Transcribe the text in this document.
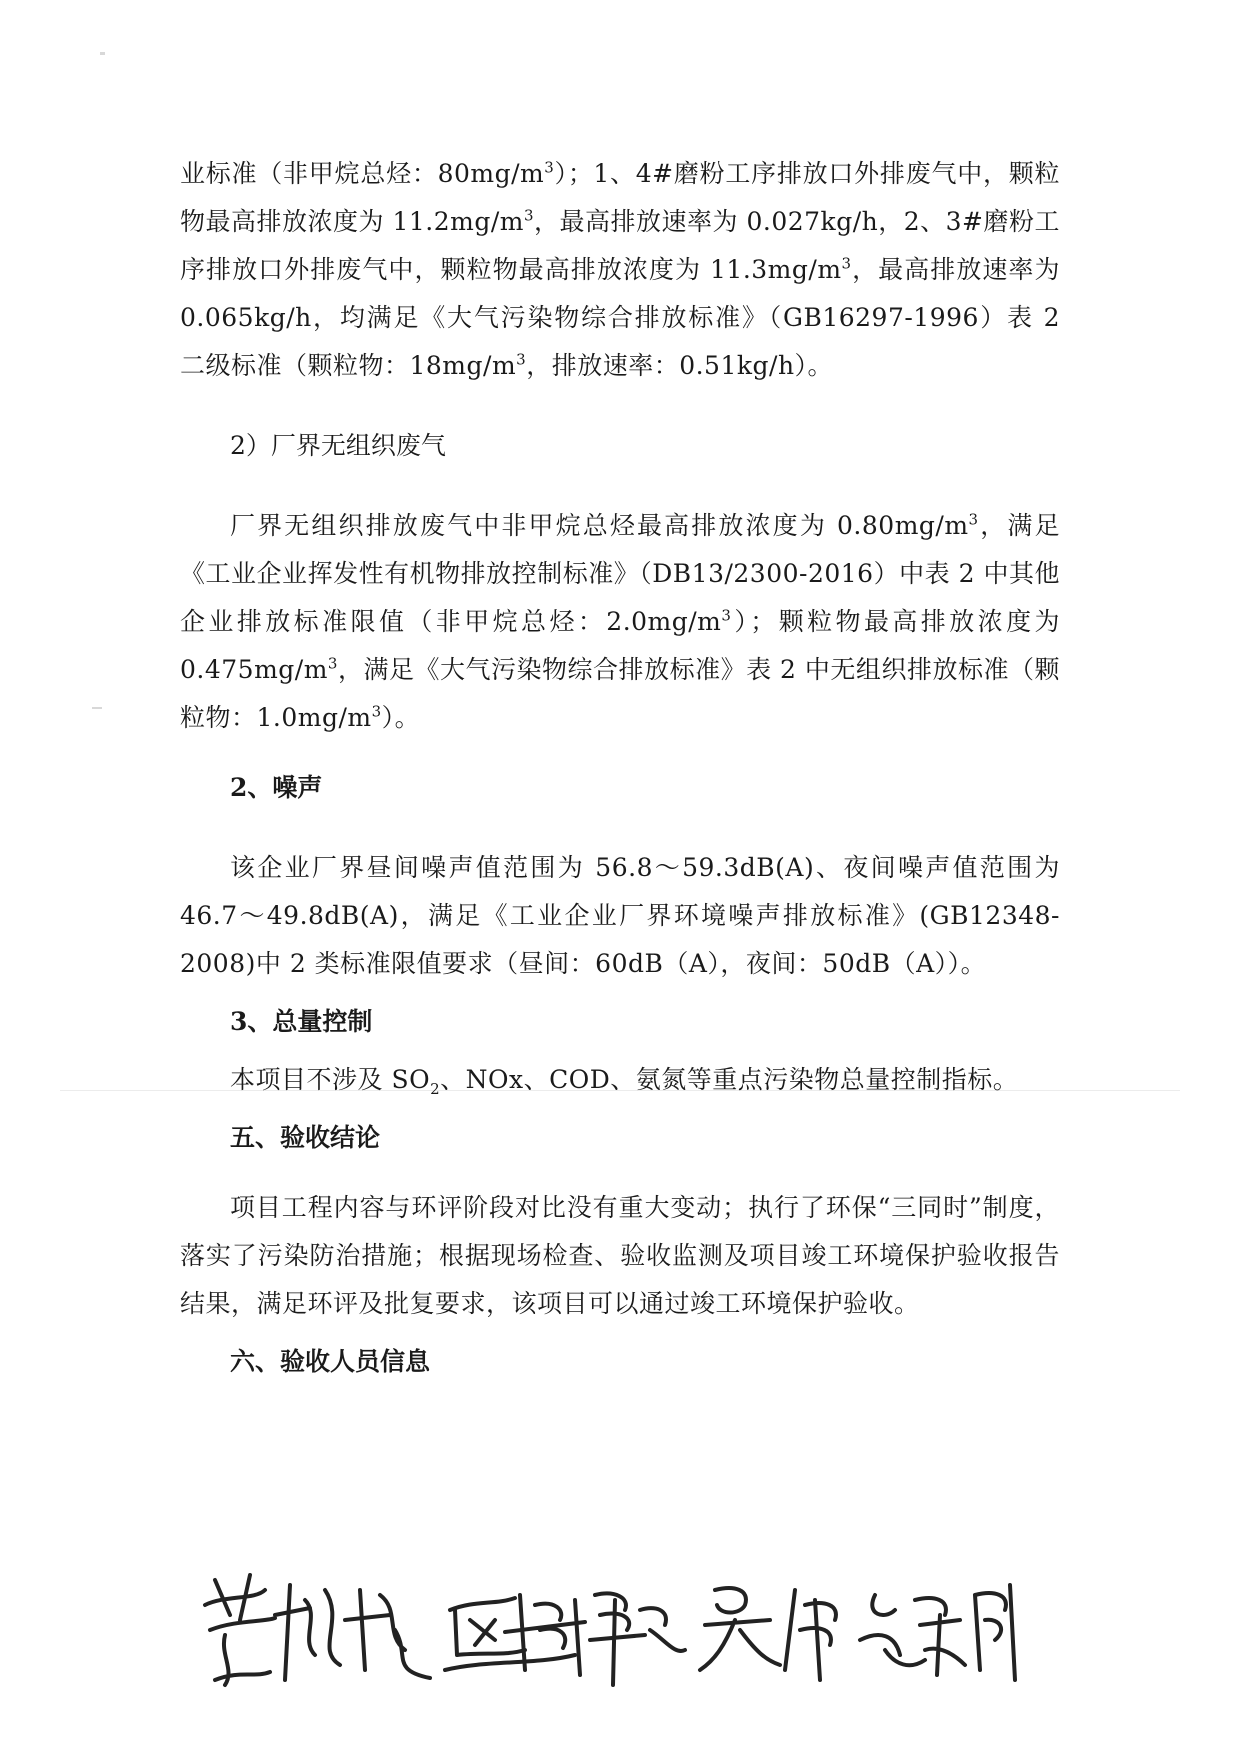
业标准（非甲烷总烃：$80mg/m^3$）；1、4#磨粉工序排放口外排废气中，颗粒物最高排放浓度为 $11.2mg/m^3$，最高排放速率为 0.027kg/h，2、3#磨粉工序排放口外排废气中，颗粒物最高排放浓度为 $11.3mg/m^3$，最高排放速率为 0.065kg/h，均满足《大气污染物综合排放标准》（GB16297-1996）表 2 二级标准（颗粒物：$18mg/m^3$，排放速率：0.51kg/h）。

2）厂界无组织废气

厂界无组织排放废气中非甲烷总烃最高排放浓度为 $0.80mg/m^3$，满足《工业企业挥发性有机物排放控制标准》（DB13/2300-2016）中表 2 中其他企业排放标准限值（非甲烷总烃：$2.0mg/m^3$）；颗粒物最高排放浓度为 $0.475mg/m^3$，满足《大气污染物综合排放标准》表 2 中无组织排放标准（颗粒物：$1.0mg/m^3$）。

2、噪声

该企业厂界昼间噪声值范围为 56.8～59.3dB(A)、夜间噪声值范围为 46.7～49.8dB(A)，满足《工业企业厂界环境噪声排放标准》(GB12348-2008)中 2 类标准限值要求（昼间：60dB（A），夜间：50dB（A））。

3、总量控制

本项目不涉及 $SO_2$、NOx、COD、氨氮等重点污染物总量控制指标。

五、验收结论

项目工程内容与环评阶段对比没有重大变动；执行了环保“三同时”制度，落实了污染防治措施；根据现场检查、验收监测及项目竣工环境保护验收报告结果，满足环评及批复要求，该项目可以通过竣工环境保护验收。

六、验收人员信息
